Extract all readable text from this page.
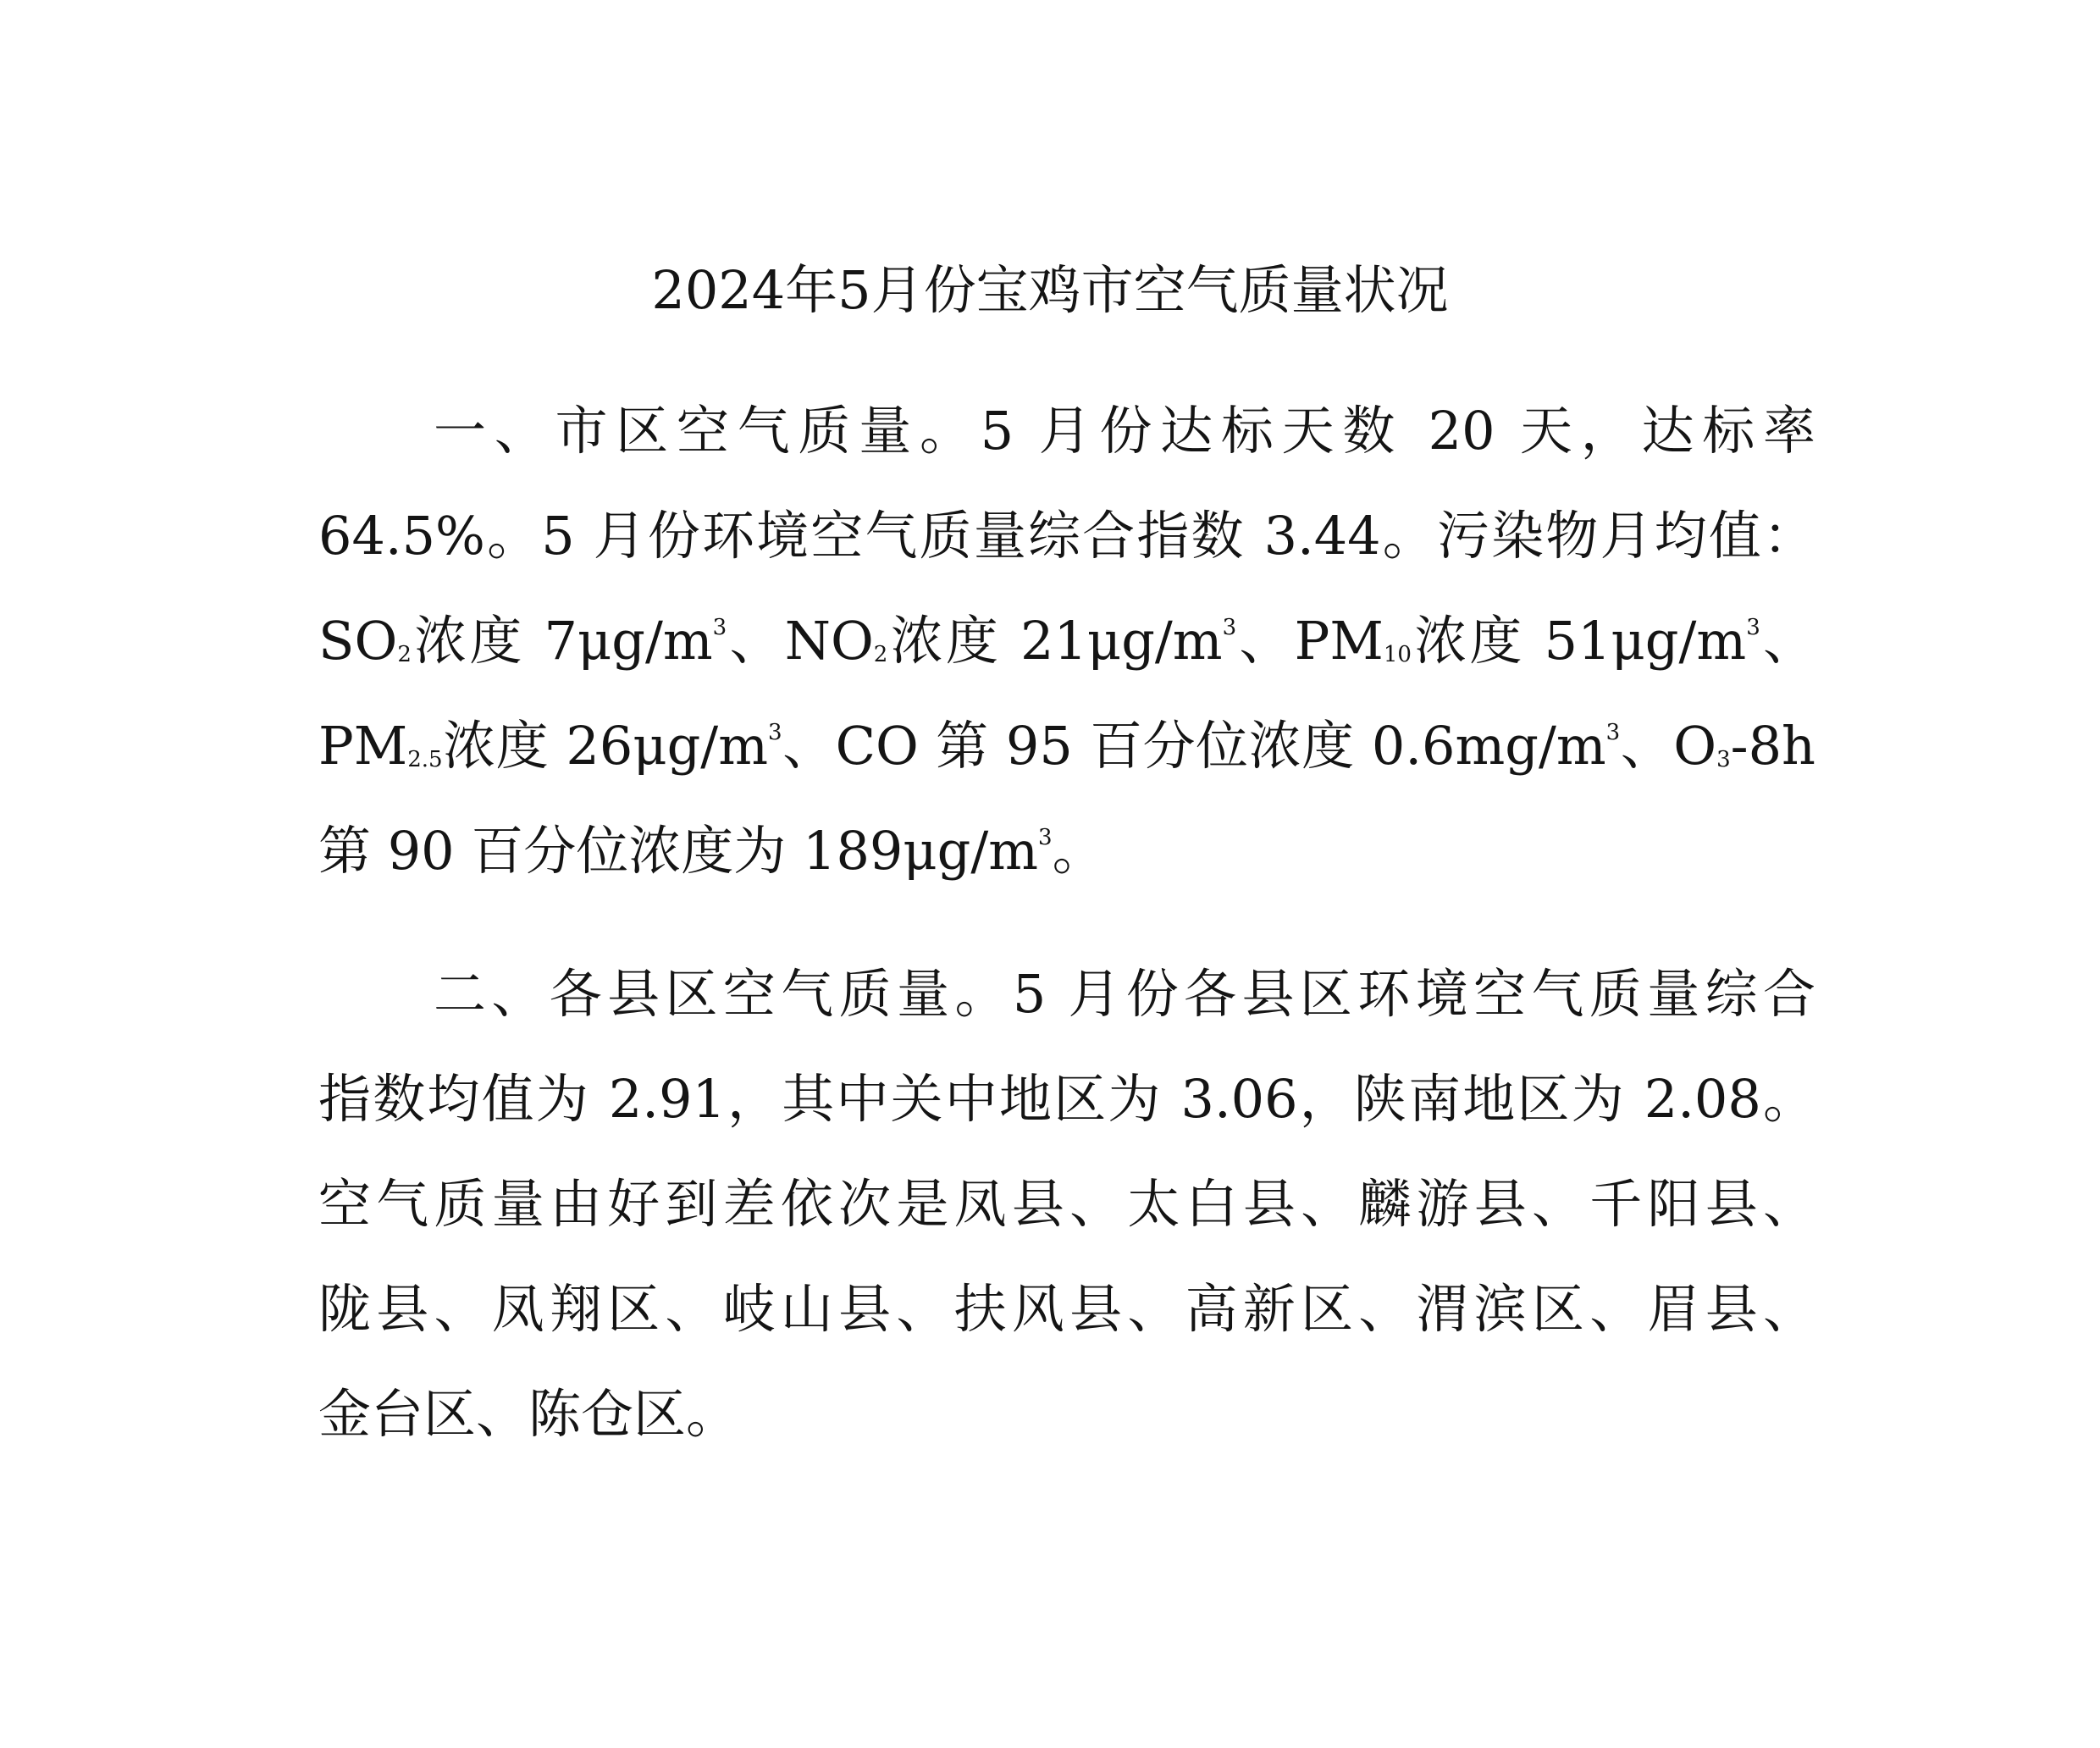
2024年5月份宝鸡市空气质量状况
一、市区空气质量。5 月份达标天数 20 天，达标率
64.5%。5 月份环境空气质量综合指数 3.44。污染物月均值：
SO2浓度 $7\mu g/m^3$、NO2浓度 $21\mu g/m^3$、PM10浓度 $51\mu g/m^3$、
PM2.5浓度 $26\mu g/m^3$、CO 第 95 百分位浓度 $0.6mg/m^3$、O3-8h
第 90 百分位浓度为 $189\mu g/m^3$。
二、各县区空气质量。5 月份各县区环境空气质量综合
指数均值为 2.91，其中关中地区为 3.06，陕南地区为 2.08。
空气质量由好到差依次是凤县、太白县、麟游县、千阳县、
陇县、凤翔区、岐山县、扶风县、高新区、渭滨区、眉县、
金台区、陈仓区。
